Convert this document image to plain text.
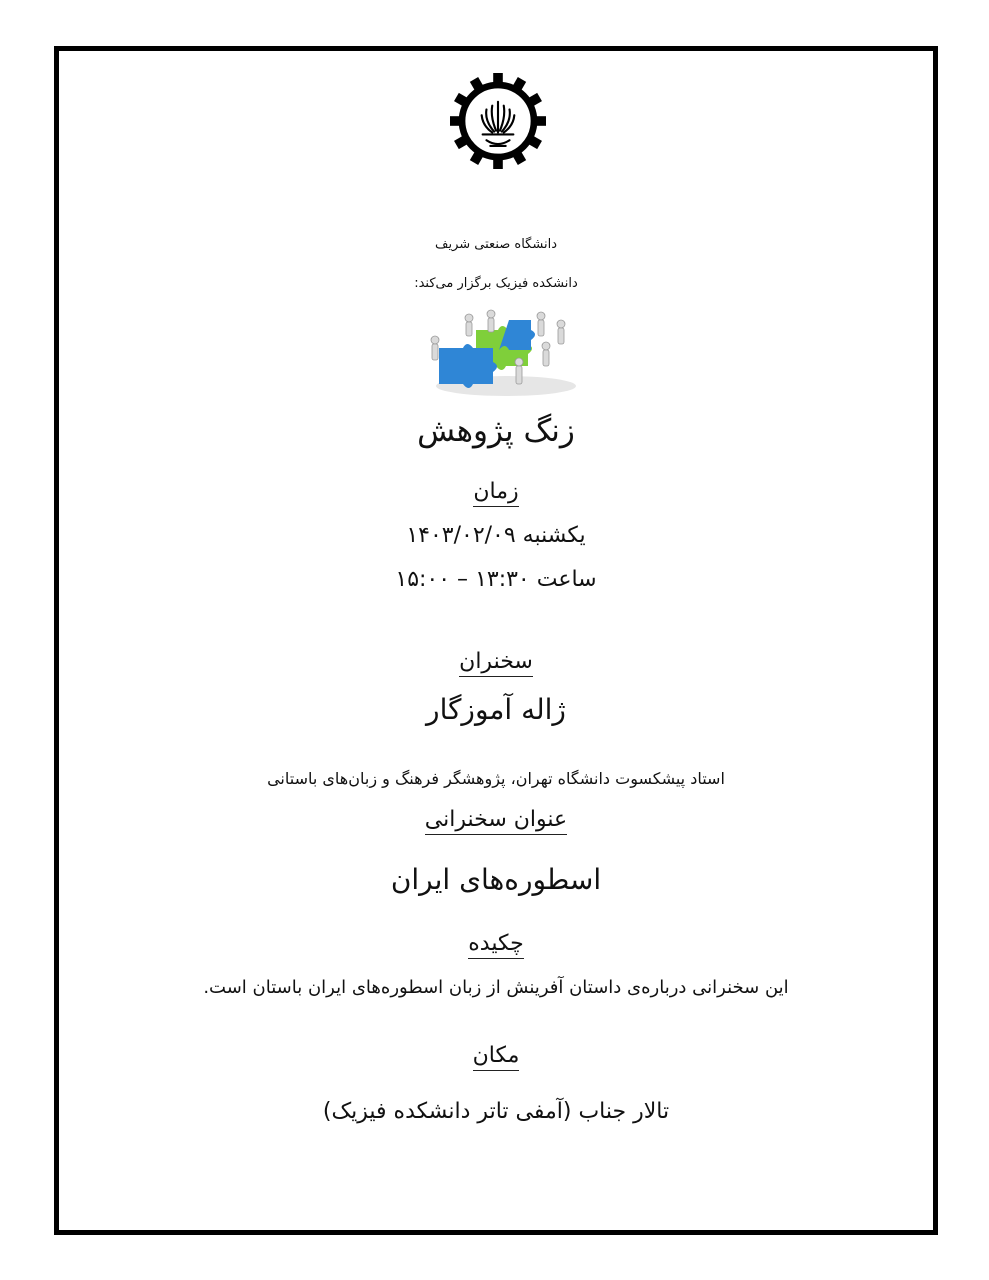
دانشگاه صنعتی شریف
دانشکده فیزیک برگزار می‌کند:
زنگ پژوهش
زمان
یکشنبه ۱۴۰۳/۰۲/۰۹
ساعت ۱۳:۳۰ – ۱۵:۰۰
سخنران
ژاله آموزگار
استاد پیشکسوت دانشگاه تهران، پژوهشگر فرهنگ و زبان‌های باستانی
عنوان سخنرانی
اسطوره‌های ایران
چکیده
این سخنرانی درباره‌ی داستان آفرینش از زبان اسطوره‌های ایران باستان است.
مکان
تالار جناب (آمفی تاتر دانشکده فیزیک)
